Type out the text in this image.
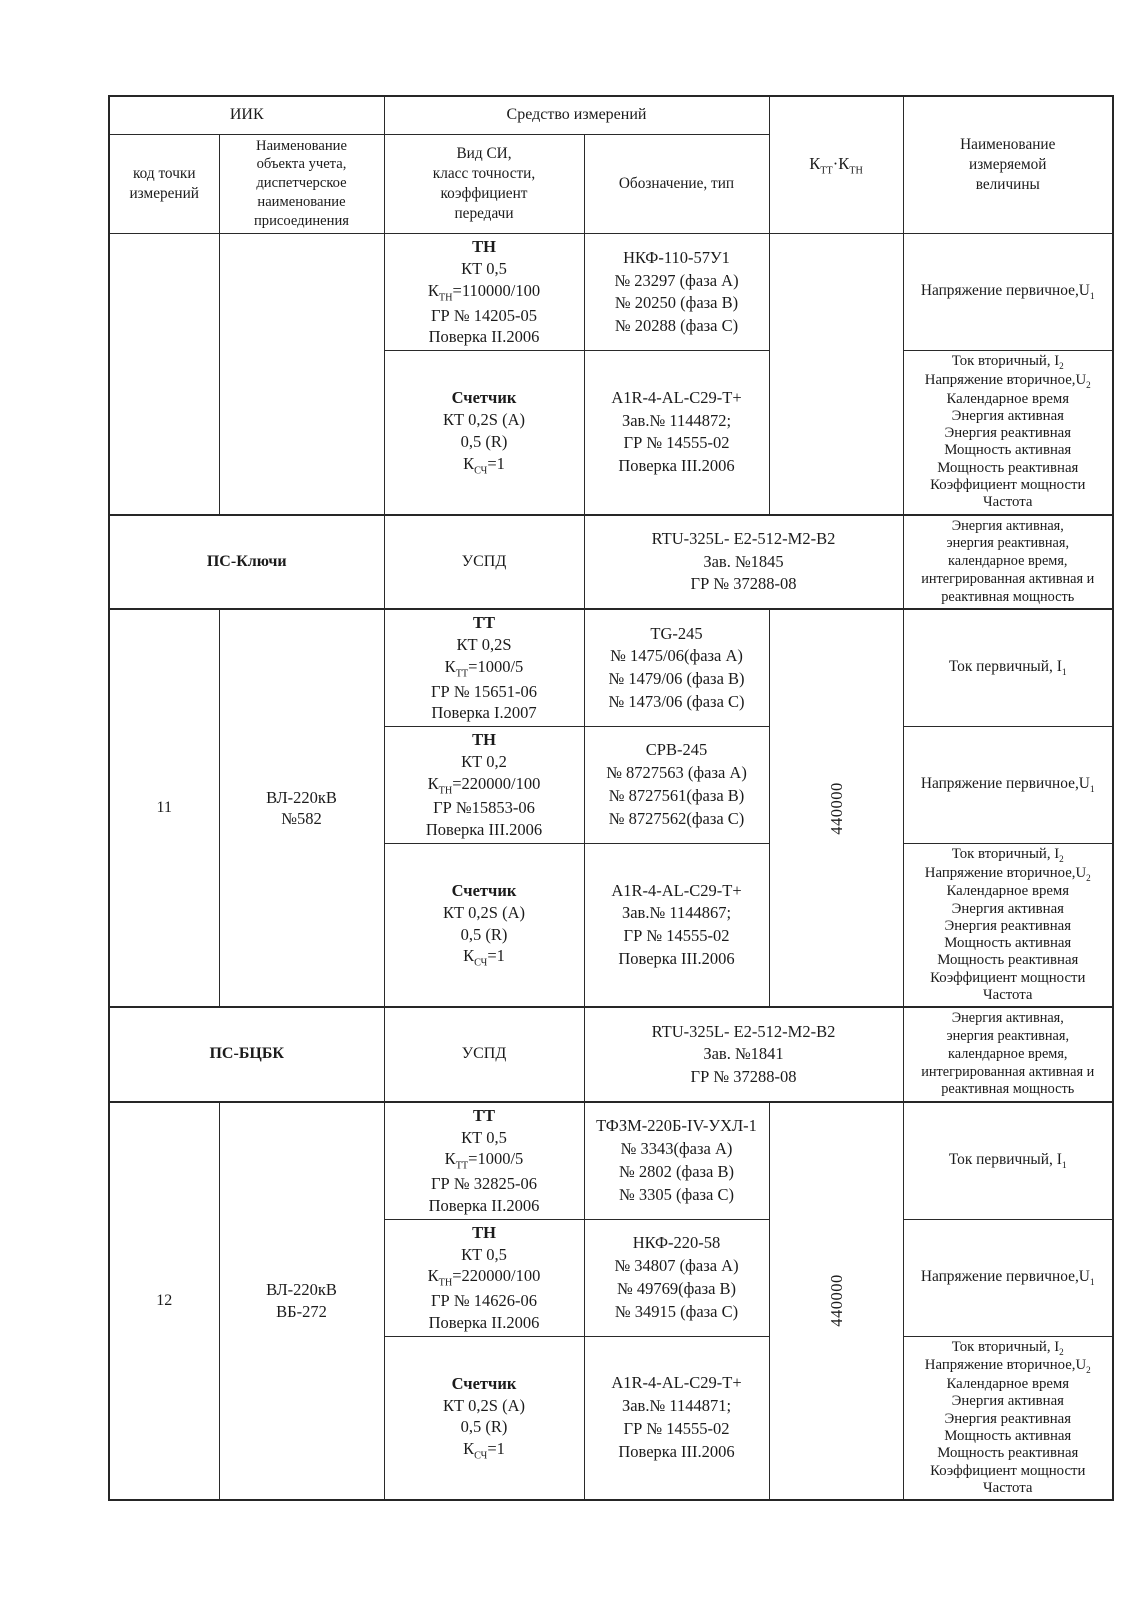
ИИК		Средство измерений		$К_{ТТ}\cdot К_{ТН}$	Наименование
измеряемой
величины
код точки
измерений	Наименование
объекта учета,
диспетчерское
наименование
присоединения	Вид СИ,
класс точности,
коэффициент
передачи	Обозначение, тип		
		ТН
КТ 0,5
$К_{ТН}=110000/100$
ГР № 14205-05
Поверка II.2006	НКФ-110-57У1
№ 23297 (фаза А)
№ 20250 (фаза В)
№ 20288 (фаза С)		Напряжение $первичное,U_1$
Счетчик
КТ 0,2S (А)
0,5 (R)
$К_{СЧ}=1$	A1R-4-AL-C29-T+
Зав.№ 1144872;
ГР № 14555-02
Поверка III.2006	Ток вторичный, $I_2$
Напряжение $вторичное,U_2$
Календарное время
Энергия активная
Энергия реактивная
Мощность активная
Мощность реактивная
Коэффициент мощности
Частота
ПС-Ключи		УСПД	RTU-325L- E2-512-M2-B2
Зав. №1845
ГР № 37288-08		Энергия активная,
энергия реактивная,
календарное время,
интегрированная активная и
реактивная мощность
11	ВЛ-220кВ
№582	ТТ
КТ 0,2S
$К_{ТТ}=1000/5$
ГР № 15651-06
Поверка I.2007	TG-245
№ 1475/06(фаза А)
№ 1479/06 (фаза В)
№ 1473/06 (фаза С)	440000	Ток первичный, $I_1$
		ТН
КТ 0,2
$К_{ТН}=220000/100$
ГР №15853-06
Поверка III.2006	СРВ-245
№ 8727563 (фаза А)
№ 8727561(фаза В)
№ 8727562(фаза С)		Напряжение $первичное,U_1$
Счетчик
КТ 0,2S (А)
0,5 (R)
$К_{СЧ}=1$	A1R-4-AL-C29-T+
Зав.№ 1144867;
ГР № 14555-02
Поверка III.2006	Ток вторичный, $I_2$
Напряжение $вторичное,U_2$
Календарное время
Энергия активная
Энергия реактивная
Мощность активная
Мощность реактивная
Коэффициент мощности
Частота
ПС-БЦБК		УСПД	RTU-325L- E2-512-M2-B2
Зав. №1841
ГР № 37288-08		Энергия активная,
энергия реактивная,
календарное время,
интегрированная активная и
реактивная мощность
12	ВЛ-220кВ
ВБ-272	ТТ
КТ 0,5
$К_{ТТ}=1000/5$
ГР № 32825-06
Поверка II.2006	ТФЗМ-220Б-IV-УХЛ-1
№ 3343(фаза А)
№ 2802 (фаза В)
№ 3305 (фаза С)	440000	Ток первичный, $I_1$
		ТН
КТ 0,5
$К_{ТН}=220000/100$
ГР № 14626-06
Поверка II.2006	НКФ-220-58
№ 34807 (фаза А)
№ 49769(фаза В)
№ 34915 (фаза С)		Напряжение $первичное,U_1$
Счетчик
КТ 0,2S (А)
0,5 (R)
$К_{СЧ}=1$	A1R-4-AL-C29-T+
Зав.№ 1144871;
ГР № 14555-02
Поверка III.2006	Ток вторичный, $I_2$
Напряжение $вторичное,U_2$
Календарное время
Энергия активная
Энергия реактивная
Мощность активная
Мощность реактивная
Коэффициент мощности
Частота
